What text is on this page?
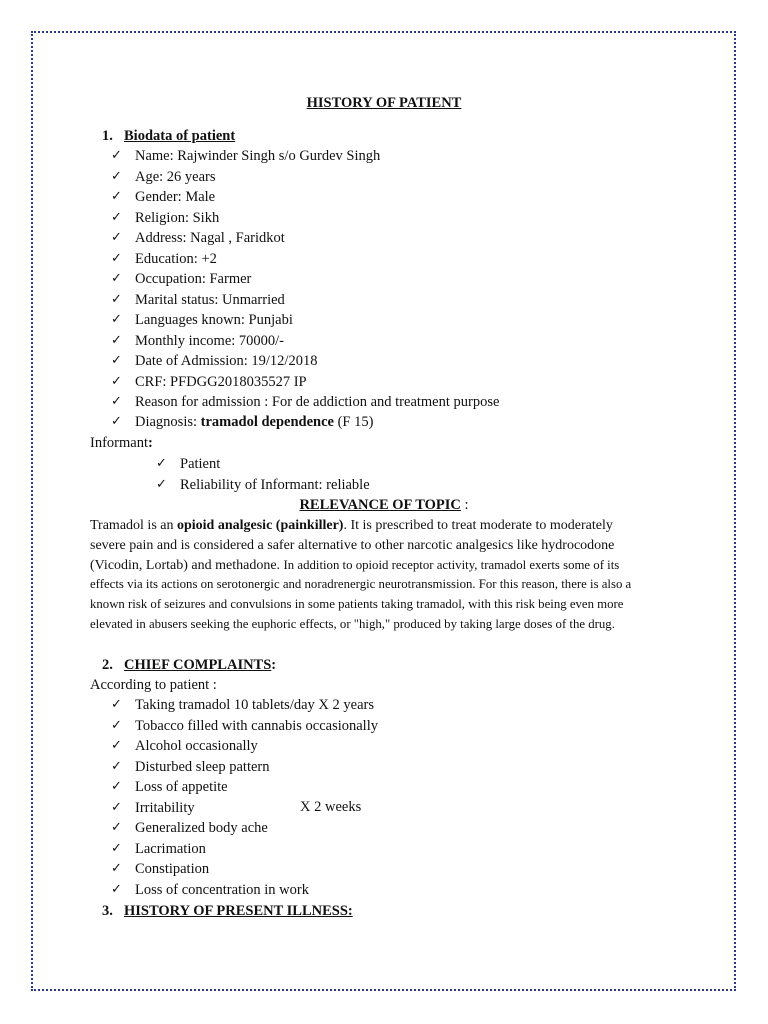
HISTORY OF PATIENT
1. Biodata of patient
✓ Name: Rajwinder Singh s/o Gurdev Singh
✓ Age: 26 years
✓ Gender: Male
✓ Religion: Sikh
✓ Address: Nagal , Faridkot
✓ Education: +2
✓ Occupation: Farmer
✓ Marital status: Unmarried
✓ Languages known: Punjabi
✓ Monthly income: 70000/-
✓ Date of Admission: 19/12/2018
✓ CRF: PFDGG2018035527 IP
✓ Reason for admission : For de addiction and treatment purpose
✓ Diagnosis: tramadol dependence (F 15)
Informant:
✓ Patient
✓ Reliability of Informant: reliable
RELEVANCE OF TOPIC :
Tramadol is an opioid analgesic (painkiller). It is prescribed to treat moderate to moderately
severe pain and is considered a safer alternative to other narcotic analgesics like hydrocodone
(Vicodin, Lortab) and methadone. In addition to opioid receptor activity, tramadol exerts some of its
effects via its actions on serotonergic and noradrenergic neurotransmission. For this reason, there is also a
known risk of seizures and convulsions in some patients taking tramadol, with this risk being even more
elevated in abusers seeking the euphoric effects, or "high," produced by taking large doses of the drug.
2. CHIEF COMPLAINTS:
According to patient :
✓ Taking tramadol 10 tablets/day X 2 years
✓ Tobacco filled with cannabis occasionally
✓ Alcohol occasionally
✓ Disturbed sleep pattern
✓ Loss of appetite
✓ Irritability
✓ Generalized body ache
✓ Lacrimation
✓ Constipation
✓ Loss of concentration in work
X 2 weeks
3. HISTORY OF PRESENT ILLNESS:
